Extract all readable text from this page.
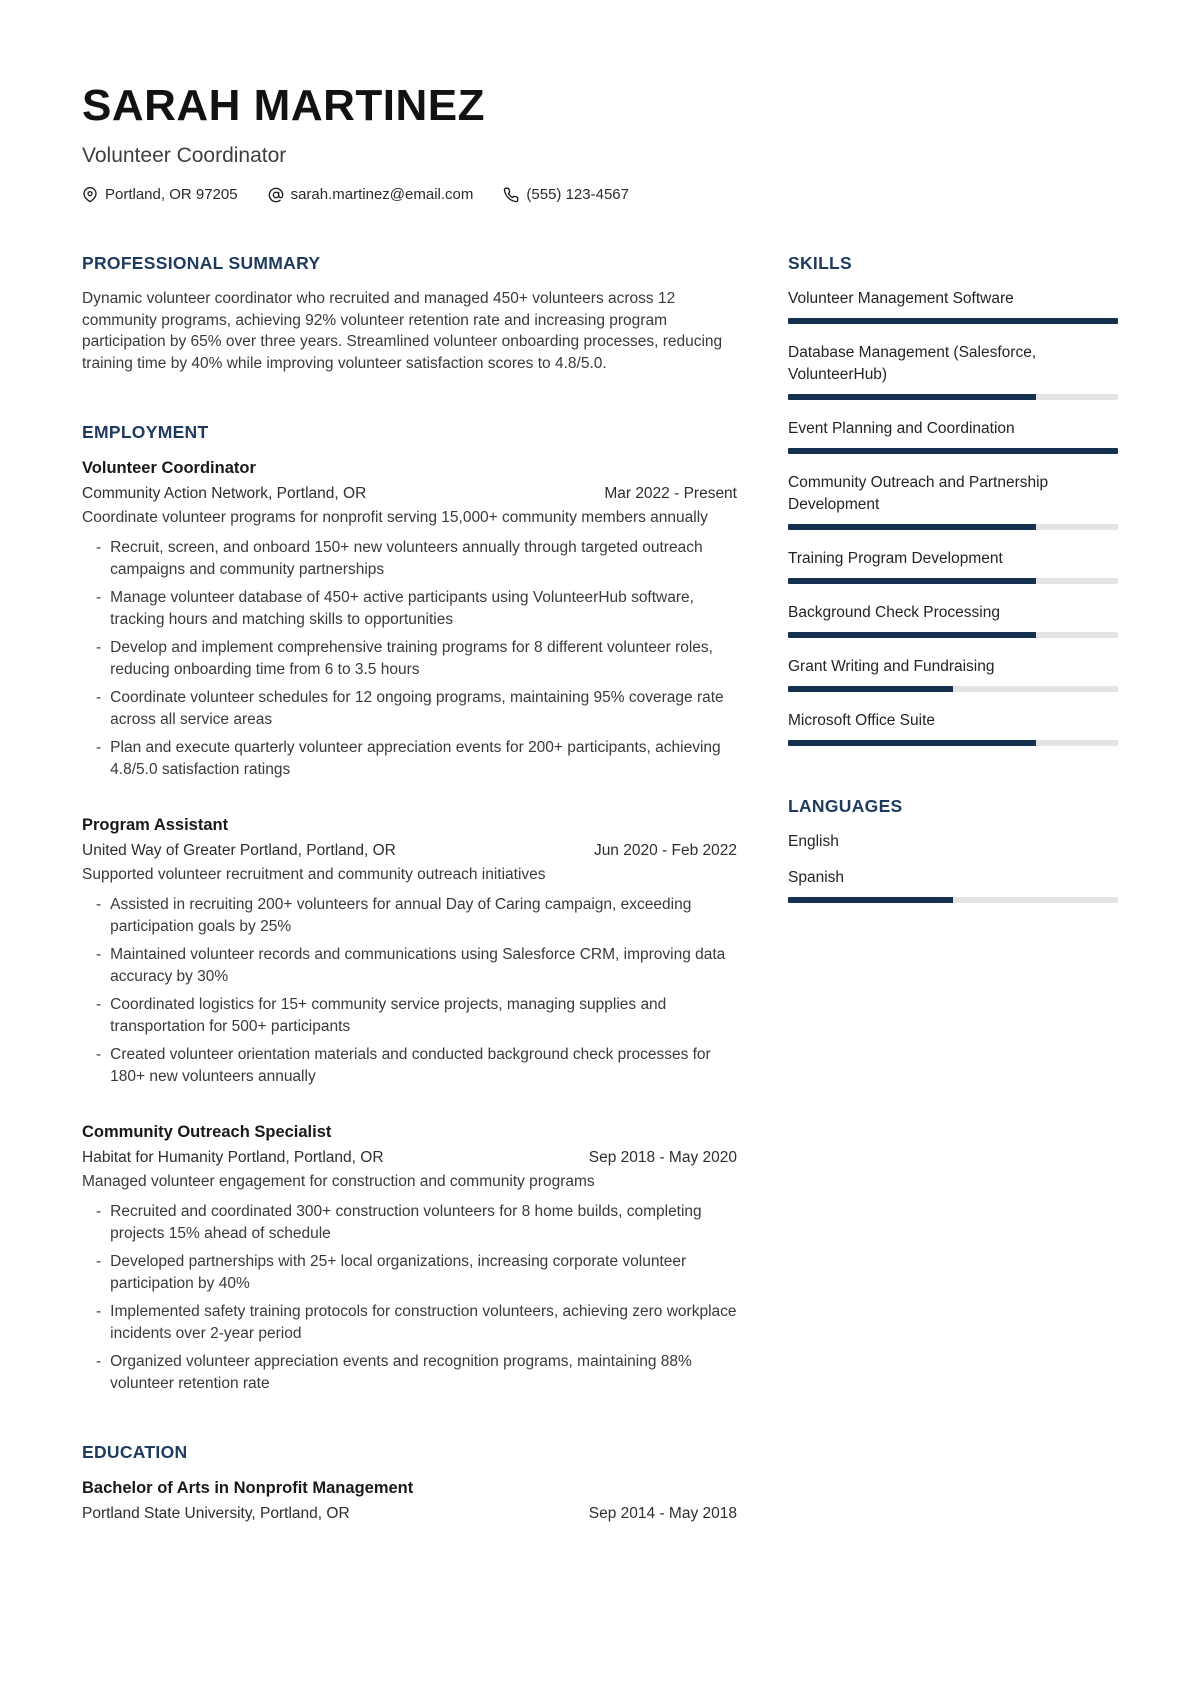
SARAH MARTINEZ
Volunteer Coordinator
Portland, OR 97205	sarah.martinez@email.com	(555) 123-4567
PROFESSIONAL SUMMARY
Dynamic volunteer coordinator who recruited and managed 450+ volunteers across 12 community programs, achieving 92% volunteer retention rate and increasing program participation by 65% over three years. Streamlined volunteer onboarding processes, reducing training time by 40% while improving volunteer satisfaction scores to 4.8/5.0.
EMPLOYMENT
Volunteer Coordinator
Community Action Network, Portland, OR	Mar 2022 - Present
Coordinate volunteer programs for nonprofit serving 15,000+ community members annually
- Recruit, screen, and onboard 150+ new volunteers annually through targeted outreach campaigns and community partnerships
- Manage volunteer database of 450+ active participants using VolunteerHub software, tracking hours and matching skills to opportunities
- Develop and implement comprehensive training programs for 8 different volunteer roles, reducing onboarding time from 6 to 3.5 hours
- Coordinate volunteer schedules for 12 ongoing programs, maintaining 95% coverage rate across all service areas
- Plan and execute quarterly volunteer appreciation events for 200+ participants, achieving 4.8/5.0 satisfaction ratings
Program Assistant
United Way of Greater Portland, Portland, OR	Jun 2020 - Feb 2022
Supported volunteer recruitment and community outreach initiatives
- Assisted in recruiting 200+ volunteers for annual Day of Caring campaign, exceeding participation goals by 25%
- Maintained volunteer records and communications using Salesforce CRM, improving data accuracy by 30%
- Coordinated logistics for 15+ community service projects, managing supplies and transportation for 500+ participants
- Created volunteer orientation materials and conducted background check processes for 180+ new volunteers annually
Community Outreach Specialist
Habitat for Humanity Portland, Portland, OR	Sep 2018 - May 2020
Managed volunteer engagement for construction and community programs
- Recruited and coordinated 300+ construction volunteers for 8 home builds, completing projects 15% ahead of schedule
- Developed partnerships with 25+ local organizations, increasing corporate volunteer participation by 40%
- Implemented safety training protocols for construction volunteers, achieving zero workplace incidents over 2-year period
- Organized volunteer appreciation events and recognition programs, maintaining 88% volunteer retention rate
EDUCATION
Bachelor of Arts in Nonprofit Management
Portland State University, Portland, OR	Sep 2014 - May 2018
SKILLS
Volunteer Management Software
Database Management (Salesforce, VolunteerHub)
Event Planning and Coordination
Community Outreach and Partnership Development
Training Program Development
Background Check Processing
Grant Writing and Fundraising
Microsoft Office Suite
LANGUAGES
English
Spanish
